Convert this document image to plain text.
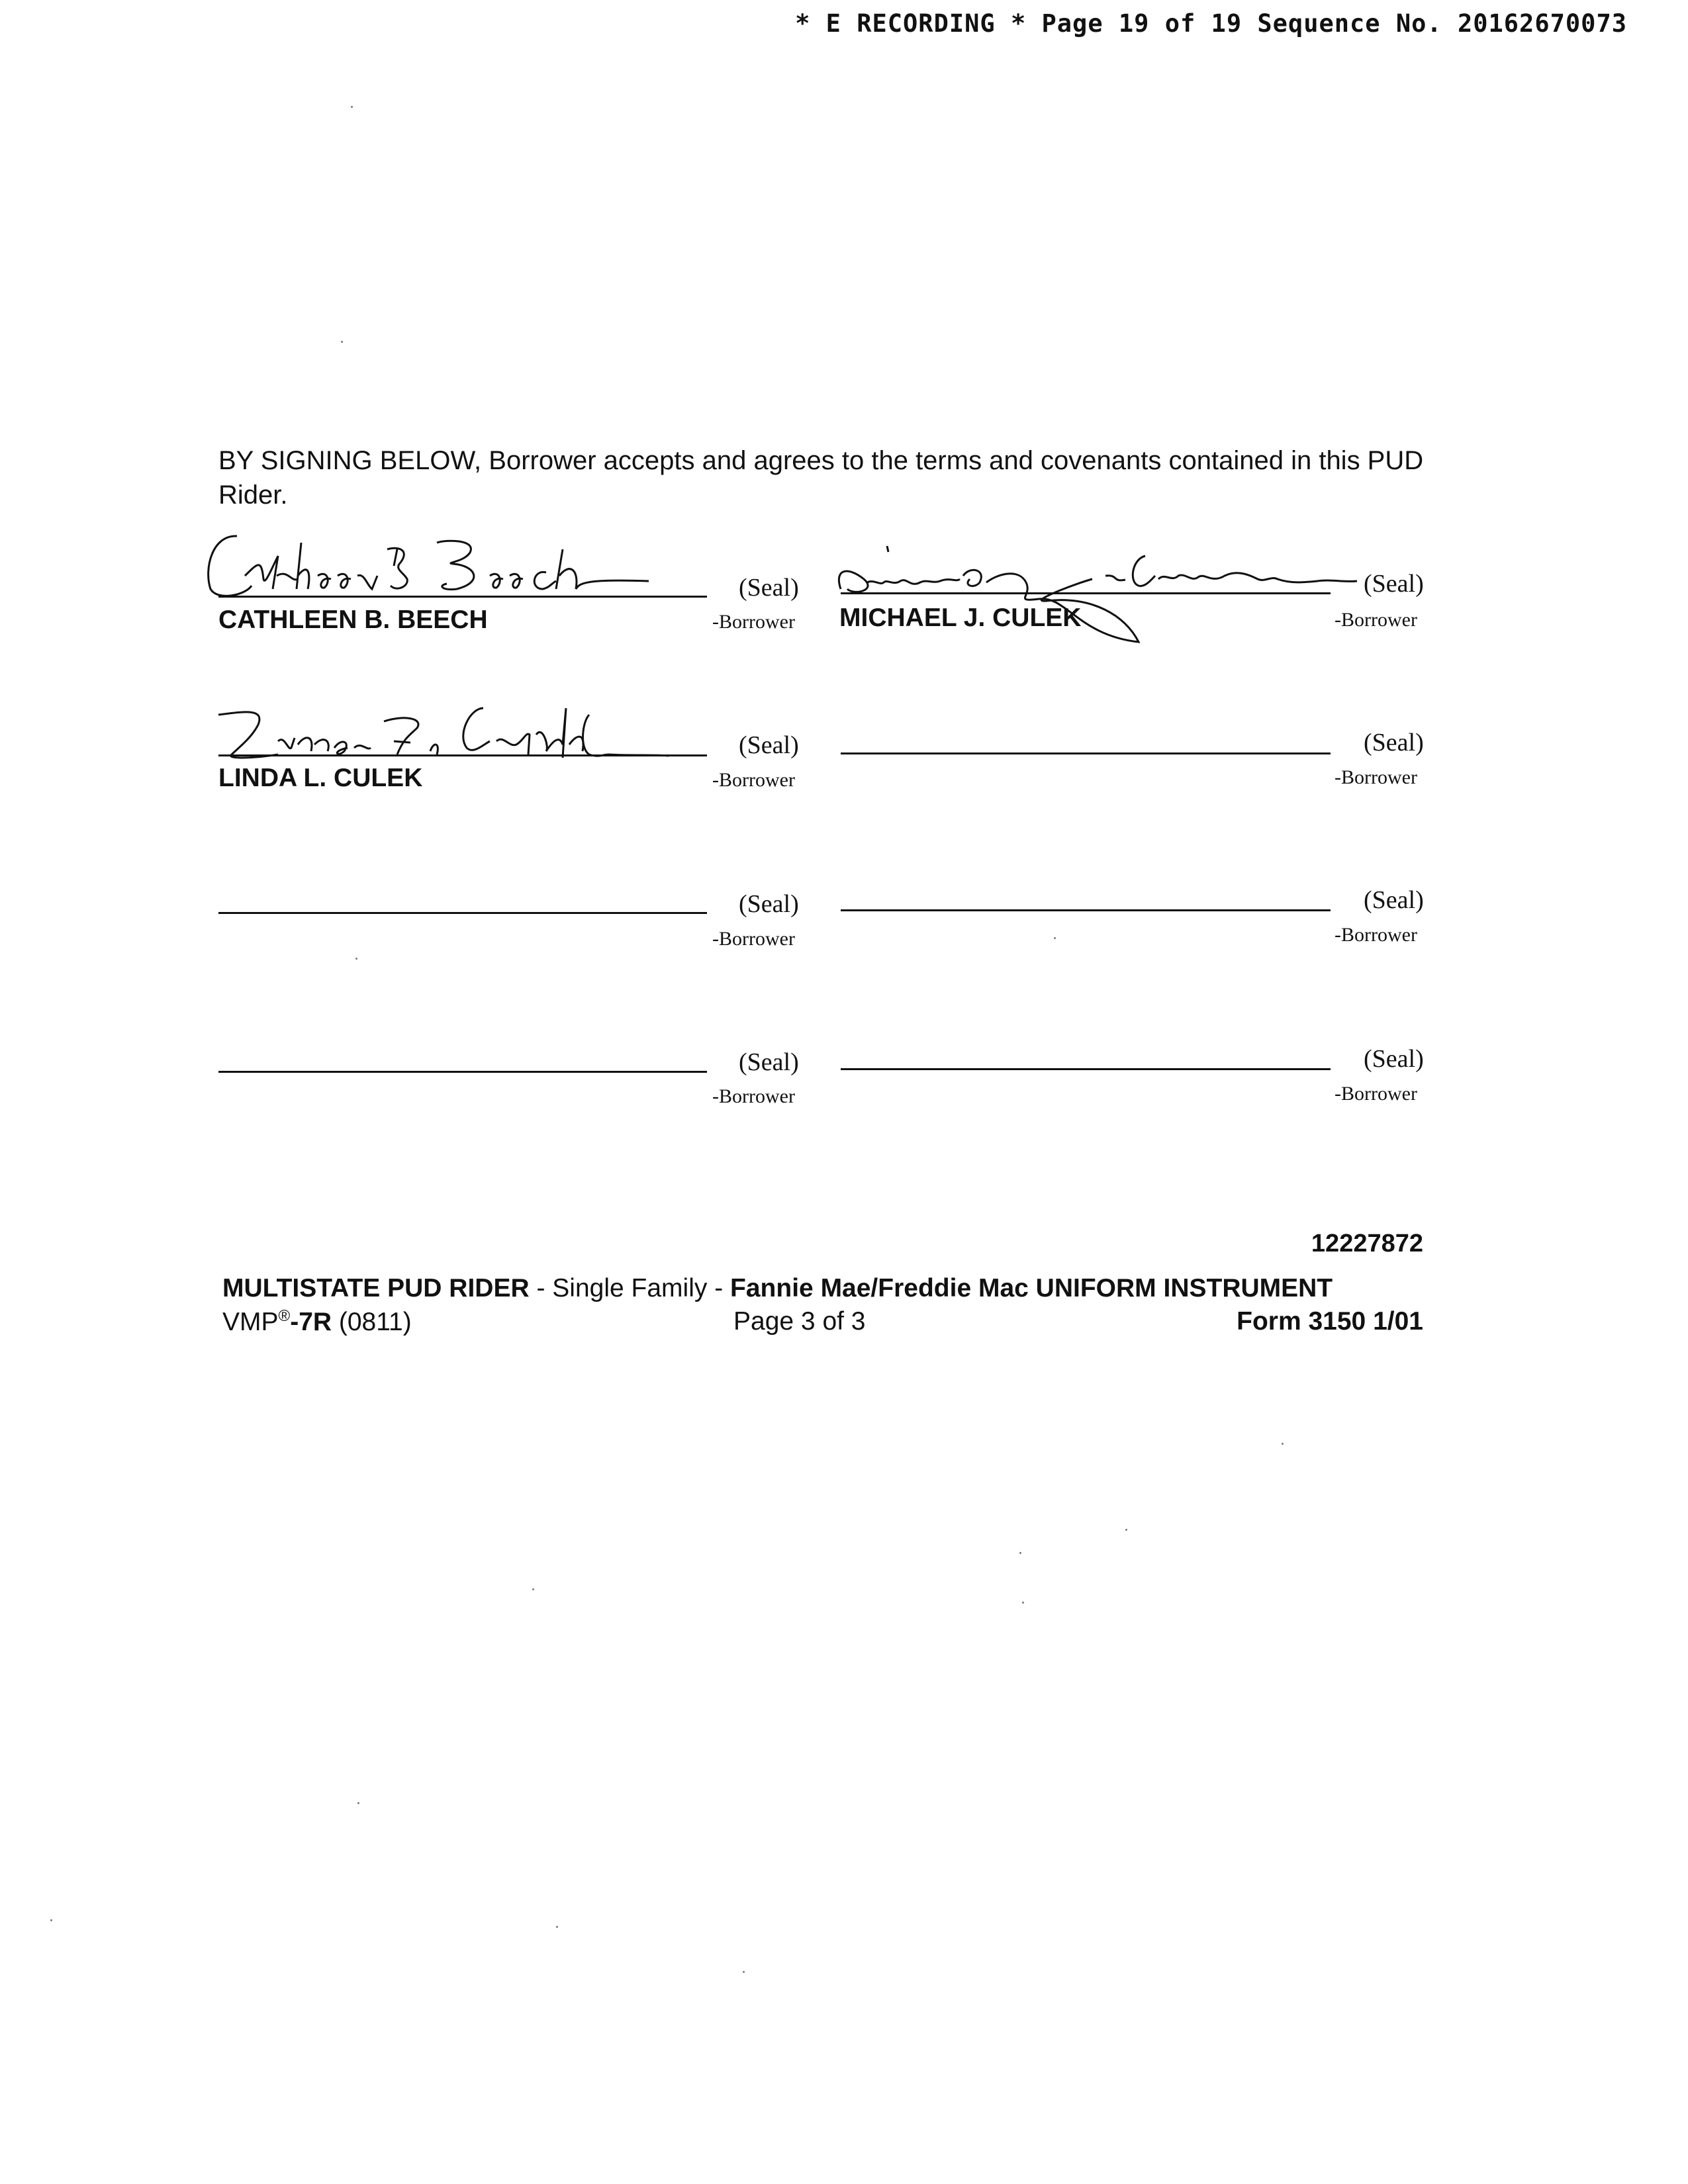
* E RECORDING * Page 19 of 19 Sequence No. 20162670073
BY SIGNING BELOW, Borrower accepts and agrees to the terms and covenants contained in this PUD Rider.
(Seal)
-Borrower
CATHLEEN B. BEECH
(Seal)
-Borrower
MICHAEL J. CULEK
(Seal)
-Borrower
LINDA L. CULEK
(Seal)
-Borrower
(Seal)
-Borrower
(Seal)
-Borrower
(Seal)
-Borrower
(Seal)
-Borrower
12227872
MULTISTATE PUD RIDER - Single Family - Fannie Mae/Freddie Mac UNIFORM INSTRUMENT
VMP®-7R (0811)	Page 3 of 3	Form 3150 1/01
